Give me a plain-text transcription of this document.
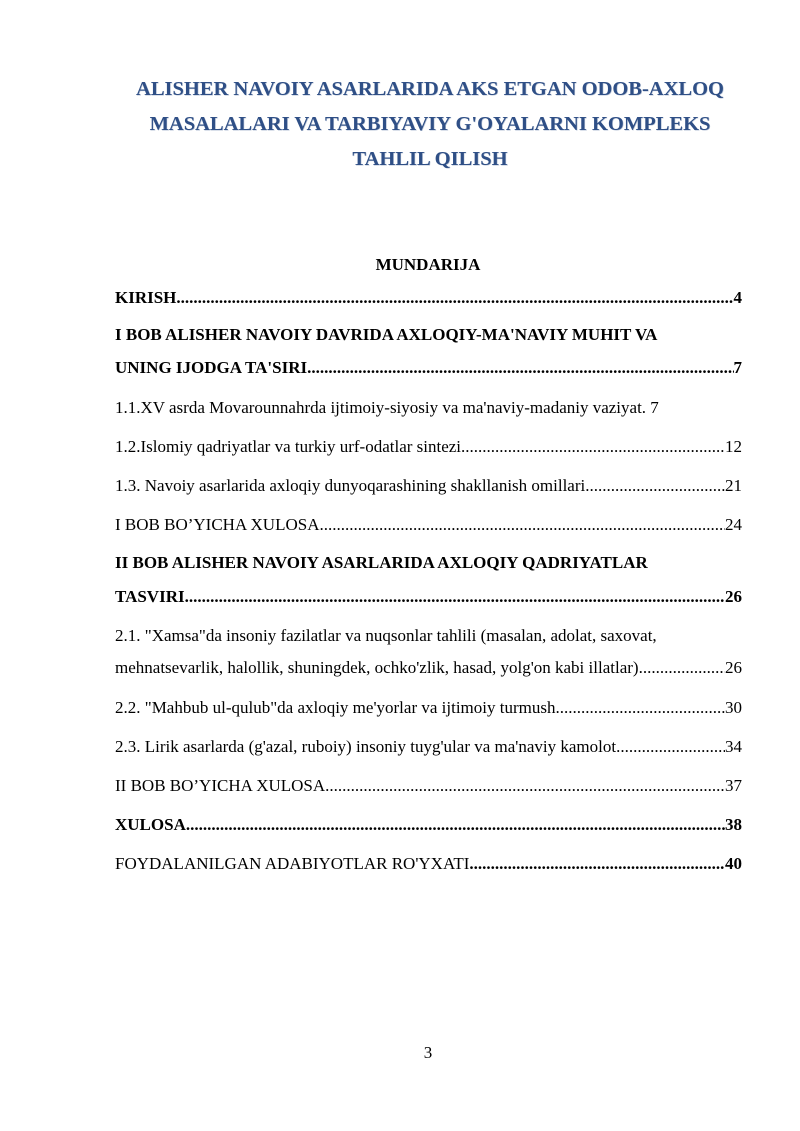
ALISHER NAVOIY ASARLARIDA AKS ETGAN ODOB-AXLOQ
MASALALARI VA TARBIYAVIY G'OYALARNI KOMPLEKS
TAHLIL QILISH
MUNDARIJA
KIRISH .....	4
I BOB ALISHER NAVOIY DAVRIDA AXLOQIY-MA'NAVIY MUHIT VA
UNING IJODGA TA'SIRI .....	7
1.1.XV asrda Movarounnahrda ijtimoiy-siyosiy va ma'naviy-madaniy vaziyat. 7
1.2.Islomiy qadriyatlar va turkiy urf-odatlar sintezi .....	12
1.3. Navoiy asarlarida axloqiy dunyoqarashining shakllanish omillari .....	21
I BOB BO’YICHA XULOSA .....	24
II BOB ALISHER NAVOIY ASARLARIDA AXLOQIY QADRIYATLAR
TASVIRI .....	26
2.1. "Xamsa"da insoniy fazilatlar va nuqsonlar tahlili (masalan, adolat, saxovat,
mehnatsevarlik, halollik, shuningdek, ochko'zlik, hasad, yolg'on kabi illatlar) .....	26
2.2. "Mahbub ul-qulub"da axloqiy me'yorlar va ijtimoiy turmush .....	30
2.3. Lirik asarlarda (g'azal, ruboiy) insoniy tuyg'ular va ma'naviy kamolot .....	34
II BOB BO’YICHA XULOSA .....	37
XULOSA .....	38
FOYDALANILGAN ADABIYOTLAR RO'YXATI .....	40
3
